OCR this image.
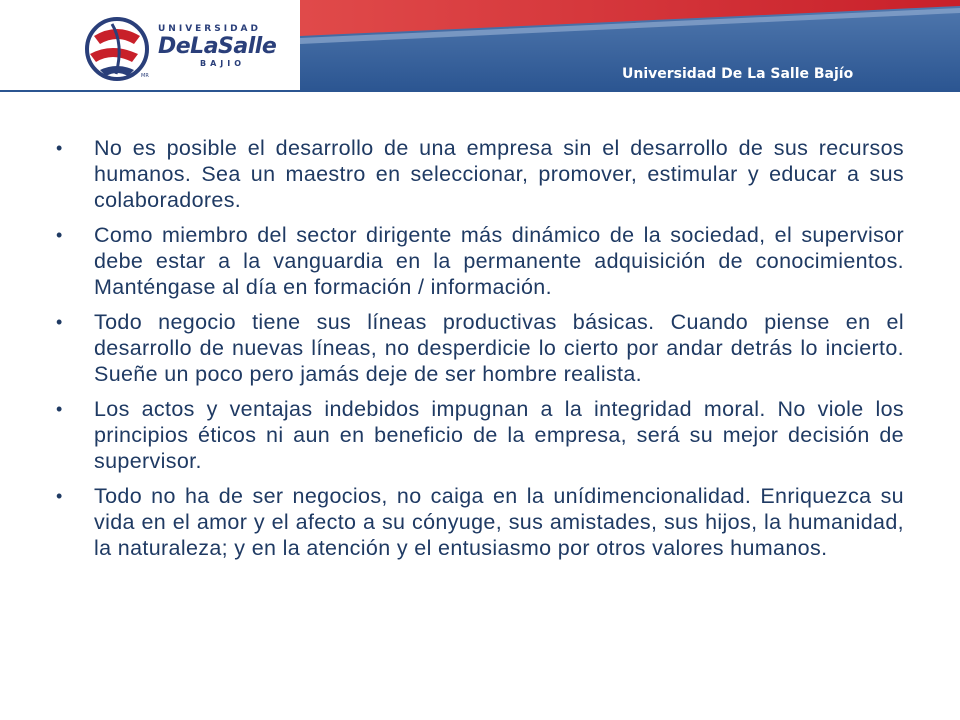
UNIVERSIDAD
DeLaSalle
BAJIO
MR	Universidad De La Salle Bajío
•	No es posible el desarrollo de una empresa sin el desarrollo de sus recursos humanos. Sea un maestro en seleccionar, promover, estimular y educar a sus colaboradores.
•	Como miembro del sector dirigente más dinámico de la sociedad, el supervisor debe estar a la vanguardia en la permanente adquisición de conocimientos. Manténgase al día en formación / información.
•	Todo negocio tiene sus líneas productivas básicas. Cuando piense en el desarrollo de nuevas líneas, no desperdicie lo cierto por andar detrás lo incierto. Sueñe un poco pero jamás deje de ser hombre realista.
•	Los actos y ventajas indebidos impugnan a la integridad moral. No viole los principios éticos ni aun en beneficio de la empresa, será su mejor decisión de supervisor.
•	Todo no ha de ser negocios, no caiga en la unídimencionalidad. Enriquezca su vida en el amor y el afecto a su cónyuge, sus amistades, sus hijos, la humanidad, la naturaleza; y en la atención y el entusiasmo por otros valores humanos.
